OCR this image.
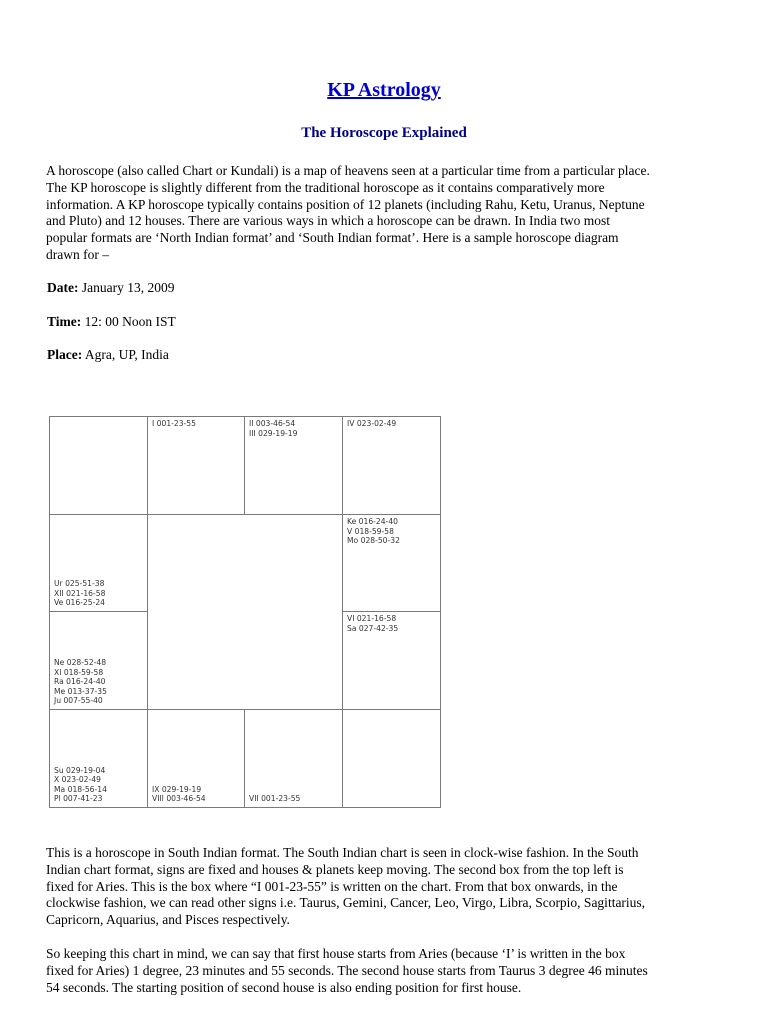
KP Astrology
The Horoscope Explained
A horoscope (also called Chart or Kundali) is a map of heavens seen at a particular time from a particular place.
The KP horoscope is slightly different from the traditional horoscope as it contains comparatively more
information. A KP horoscope typically contains position of 12 planets (including Rahu, Ketu, Uranus, Neptune
and Pluto) and 12 houses. There are various ways in which a horoscope can be drawn. In India two most
popular formats are ‘North Indian format’ and ‘South Indian format’. Here is a sample horoscope diagram
drawn for –

Date: January 13, 2009

Time: 12: 00 Noon IST

Place: Agra, UP, India

I 001-23-55	II 003-46-54
III 029-19-19
IV 023-02-49
Ke 016-24-40
V 018-59-58
Mo 028-50-32
VI 021-16-58
Sa 027-42-35
Ur 025-51-38
XII 021-16-58
Ve 016-25-24
Ne 028-52-48
XI 018-59-58
Ra 016-24-40
Me 013-37-35
Ju 007-55-40
Su 029-19-04
X 023-02-49
Ma 018-56-14
Pl 007-41-23
IX 029-19-19
VIII 003-46-54	VII 001-23-55
This is a horoscope in South Indian format. The South Indian chart is seen in clock-wise fashion. In the South
Indian chart format, signs are fixed and houses & planets keep moving. The second box from the top left is
fixed for Aries. This is the box where “I 001-23-55” is written on the chart. From that box onwards, in the
clockwise fashion, we can read other signs i.e. Taurus, Gemini, Cancer, Leo, Virgo, Libra, Scorpio, Sagittarius,
Capricorn, Aquarius, and Pisces respectively.
So keeping this chart in mind, we can say that first house starts from Aries (because ‘I’ is written in the box
fixed for Aries) 1 degree, 23 minutes and 55 seconds. The second house starts from Taurus 3 degree 46 minutes
54 seconds. The starting position of second house is also ending position for first house.
